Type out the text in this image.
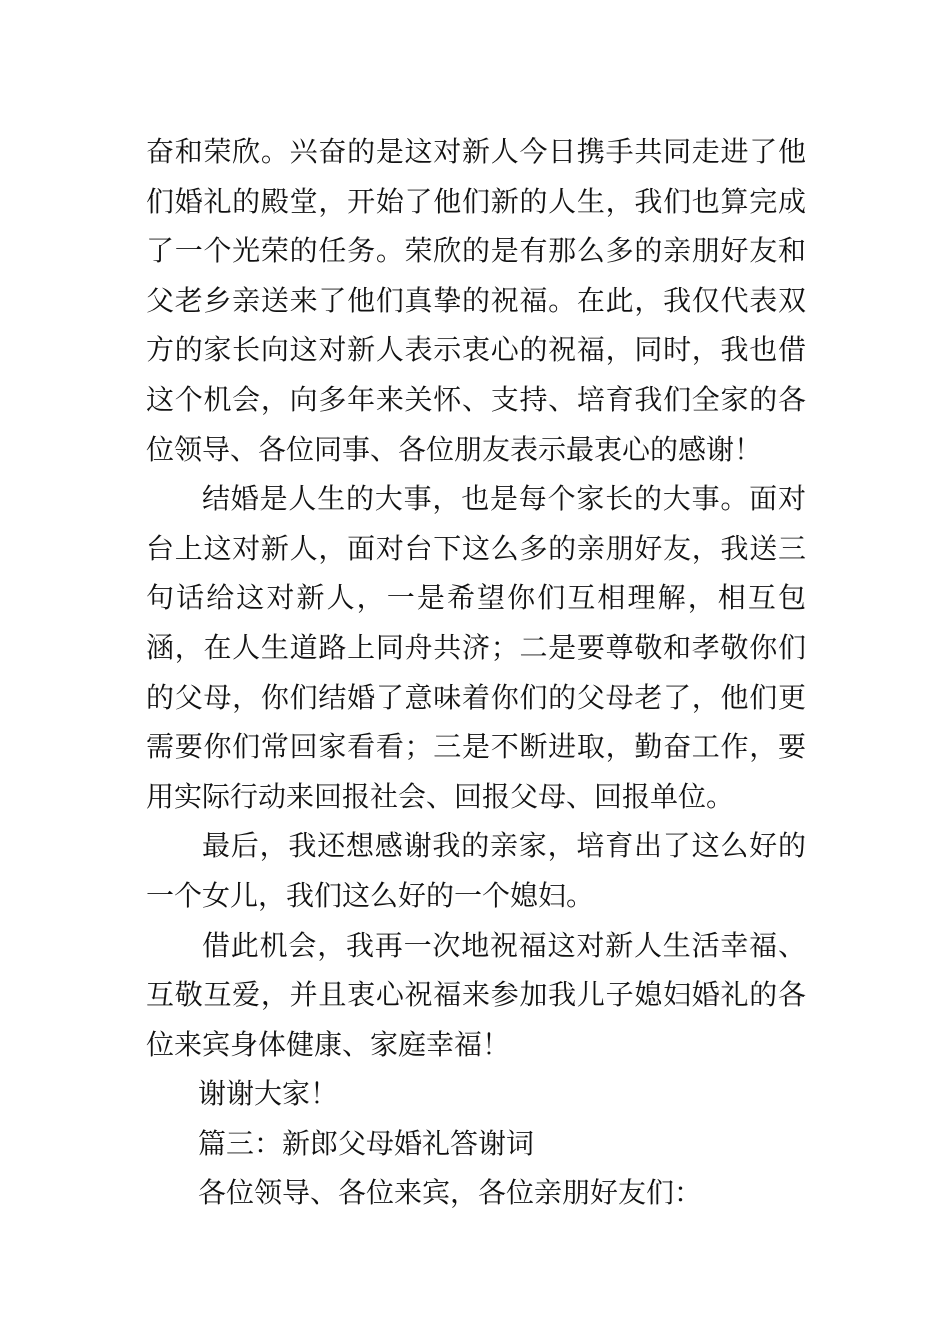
奋和荣欣。兴奋的是这对新人今日携手共同走进了他们婚礼的殿堂，开始了他们新的人生，我们也算完成了一个光荣的任务。荣欣的是有那么多的亲朋好友和父老乡亲送来了他们真挚的祝福。在此，我仅代表双方的家长向这对新人表示衷心的祝福，同时，我也借这个机会，向多年来关怀、支持、培育我们全家的各位领导、各位同事、各位朋友表示最衷心的感谢！

结婚是人生的大事，也是每个家长的大事。面对台上这对新人，面对台下这么多的亲朋好友，我送三句话给这对新人，一是希望你们互相理解，相互包涵，在人生道路上同舟共济；二是要尊敬和孝敬你们的父母，你们结婚了意味着你们的父母老了，他们更需要你们常回家看看；三是不断进取，勤奋工作，要用实际行动来回报社会、回报父母、回报单位。

最后，我还想感谢我的亲家，培育出了这么好的一个女儿，我们这么好的一个媳妇。

借此机会，我再一次地祝福这对新人生活幸福、互敬互爱，并且衷心祝福来参加我儿子媳妇婚礼的各位来宾身体健康、家庭幸福！

谢谢大家！

篇三：新郎父母婚礼答谢词

各位领导、各位来宾，各位亲朋好友们：
